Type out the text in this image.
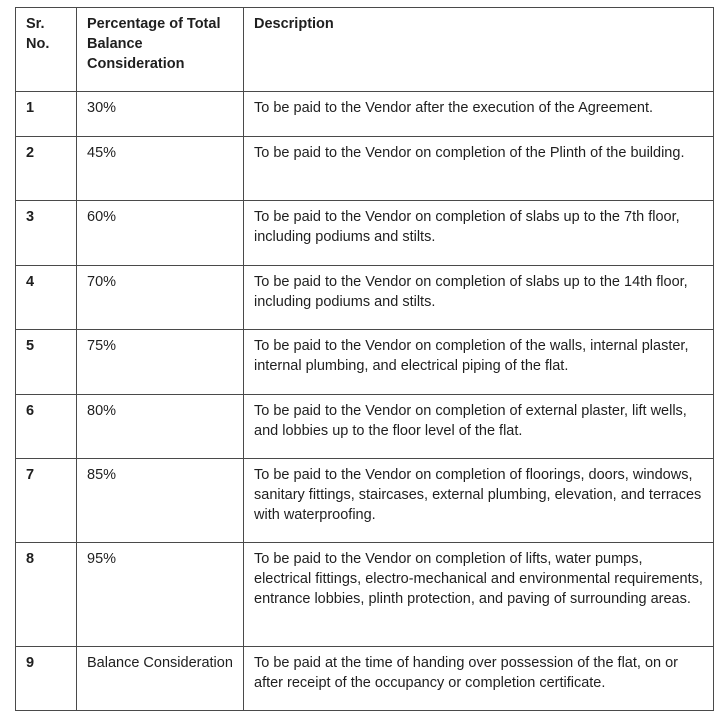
Sr. No.	Percentage of Total Balance Consideration	Description
1	30%	To be paid to the Vendor after the execution of the Agreement.
2	45%	To be paid to the Vendor on completion of the Plinth of the building.
3	60%	To be paid to the Vendor on completion of slabs up to the 7th floor, including podiums and stilts.
4	70%	To be paid to the Vendor on completion of slabs up to the 14th floor, including podiums and stilts.
5	75%	To be paid to the Vendor on completion of the walls, internal plaster, internal plumbing, and electrical piping of the flat.
6	80%	To be paid to the Vendor on completion of external plaster, lift wells, and lobbies up to the floor level of the flat.
7	85%	To be paid to the Vendor on completion of floorings, doors, windows, sanitary fittings, staircases, external plumbing, elevation, and terraces with waterproofing.
8	95%	To be paid to the Vendor on completion of lifts, water pumps, electrical fittings, electro-mechanical and environmental requirements, entrance lobbies, plinth protection, and paving of surrounding areas.
9	Balance Consideration	To be paid at the time of handing over possession of the flat, on or after receipt of the occupancy or completion certificate.
